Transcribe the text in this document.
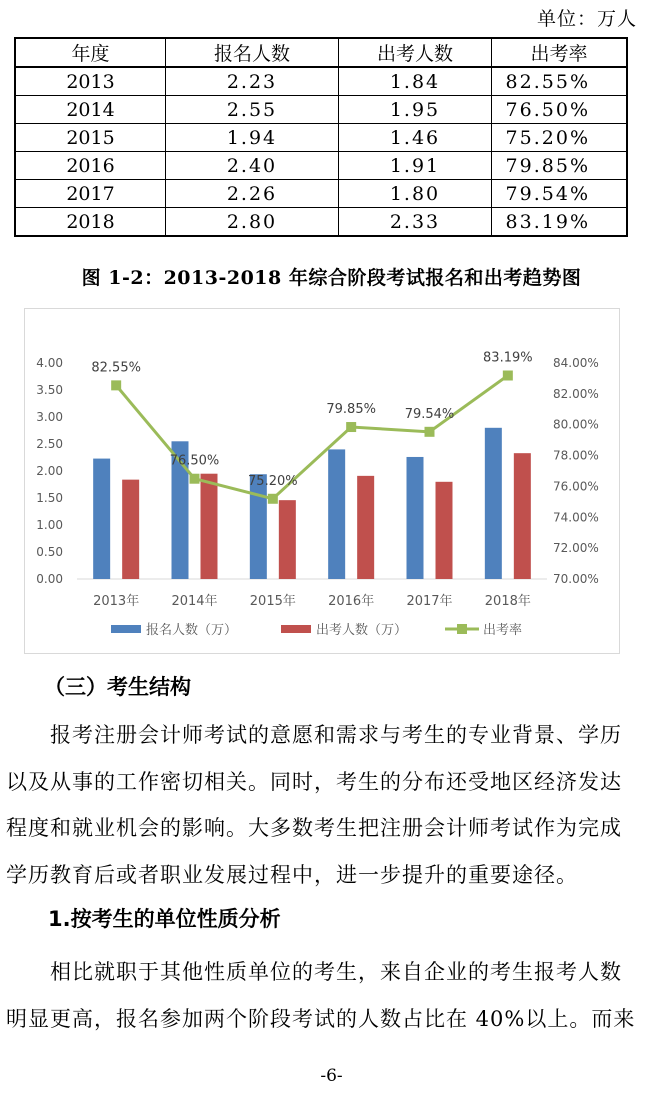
单位：万人
年度	报名人数	出考人数	出考率
2013	2.23	1.84	82.55%
2014	2.55	1.95	76.50%
2015	1.94	1.46	75.20%
2016	2.40	1.91	79.85%
2017	2.26	1.80	79.54%
2018	2.80	2.33	83.19%
图 1-2：2013-2018 年综合阶段考试报名和出考趋势图
0.00
0.50
1.00
1.50
2.00
2.50
3.00
3.50
4.00
70.00%
72.00%
74.00%
76.00%
78.00%
80.00%
82.00%
84.00%
2013年 2014年 2015年 2016年 2017年 2018年
82.55%
76.50%
75.20%
79.85% 79.54%
83.19%
报名人数（万）	出考人数（万）	出考率
（三）考生结构
报考注册会计师考试的意愿和需求与考生的专业背景、学历
以及从事的工作密切相关。同时，考生的分布还受地区经济发达
程度和就业机会的影响。大多数考生把注册会计师考试作为完成
学历教育后或者职业发展过程中，进一步提升的重要途径。
1.按考生的单位性质分析
相比就职于其他性质单位的考生，来自企业的考生报考人数
明显更高，报名参加两个阶段考试的人数占比在 40%以上。而来
-6-
